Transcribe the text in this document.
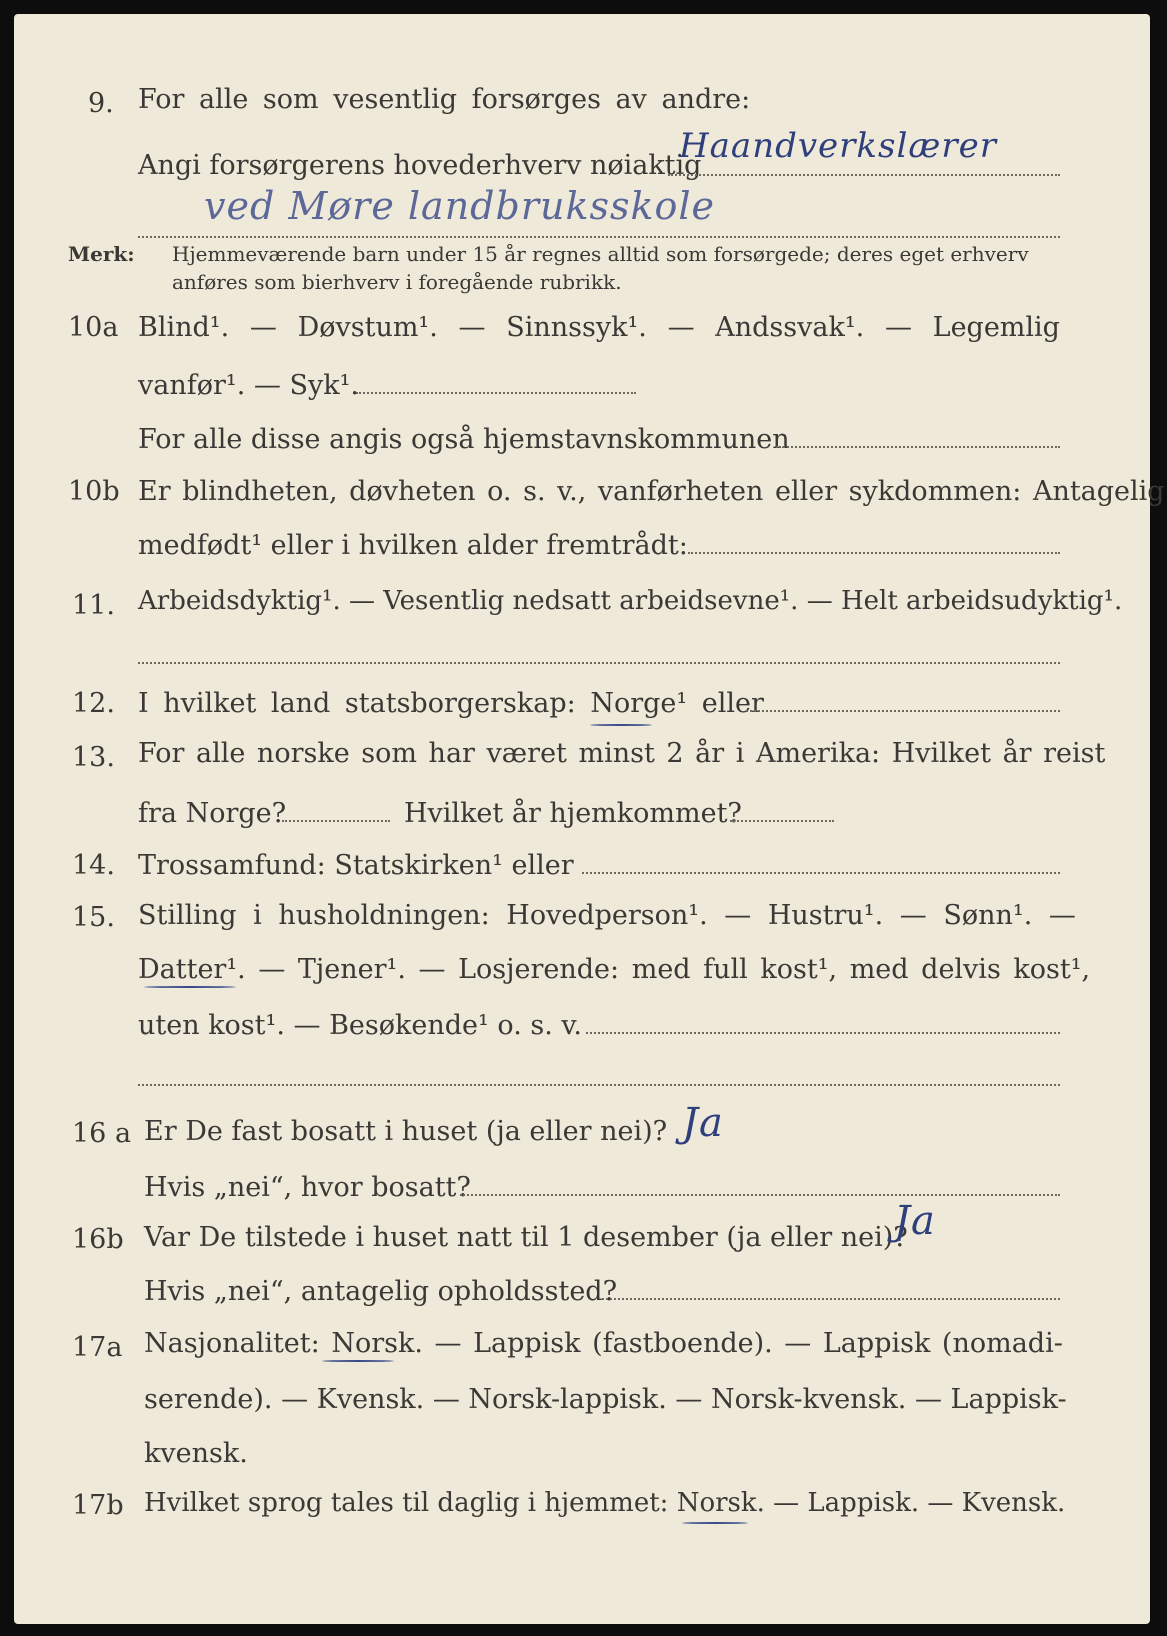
9. For alle som vesentlig forsørges av andre:
Angi forsørgerens hovederhverv nøiaktig
Haandverkslærer
ved Møre landbruksskole
Merk: Hjemmeværende barn under 15 år regnes alltid som forsørgede; deres eget erhverv
anføres som bierhverv i foregående rubrikk.
10a Blind¹. — Døvstum¹. — Sinnssyk¹. — Andssvak¹. — Legemlig
vanfør¹. — Syk¹.
For alle disse angis også hjemstavnskommunen
10b Er blindheten, døvheten o. s. v., vanførheten eller sykdommen: Antagelig
medfødt¹ eller i hvilken alder fremtrådt:
11. Arbeidsdyktig¹. — Vesentlig nedsatt arbeidsevne¹. — Helt arbeidsudyktig¹.
12. I hvilket land statsborgerskap: Norge¹ eller
13. For alle norske som har været minst 2 år i Amerika: Hvilket år reist
fra Norge?	Hvilket år hjemkommet?
14. Trossamfund: Statskirken¹ eller
15. Stilling i husholdningen: Hovedperson¹. — Hustru¹. — Sønn¹. —
Datter¹. — Tjener¹. — Losjerende: med full kost¹, med delvis kost¹,
uten kost¹. — Besøkende¹ o. s. v.
16 a Er De fast bosatt i huset (ja eller nei)? Ja
Hvis „nei“, hvor bosatt?
16b Var De tilstede i huset natt til 1 desember (ja eller nei)?
Ja
Hvis „nei“, antagelig opholdssted?
17a Nasjonalitet: Norsk. — Lappisk (fastboende). — Lappisk (nomadi-
serende). — Kvensk. — Norsk-lappisk. — Norsk-kvensk. — Lappisk-
kvensk.
17b Hvilket sprog tales til daglig i hjemmet: Norsk. — Lappisk. — Kvensk.
